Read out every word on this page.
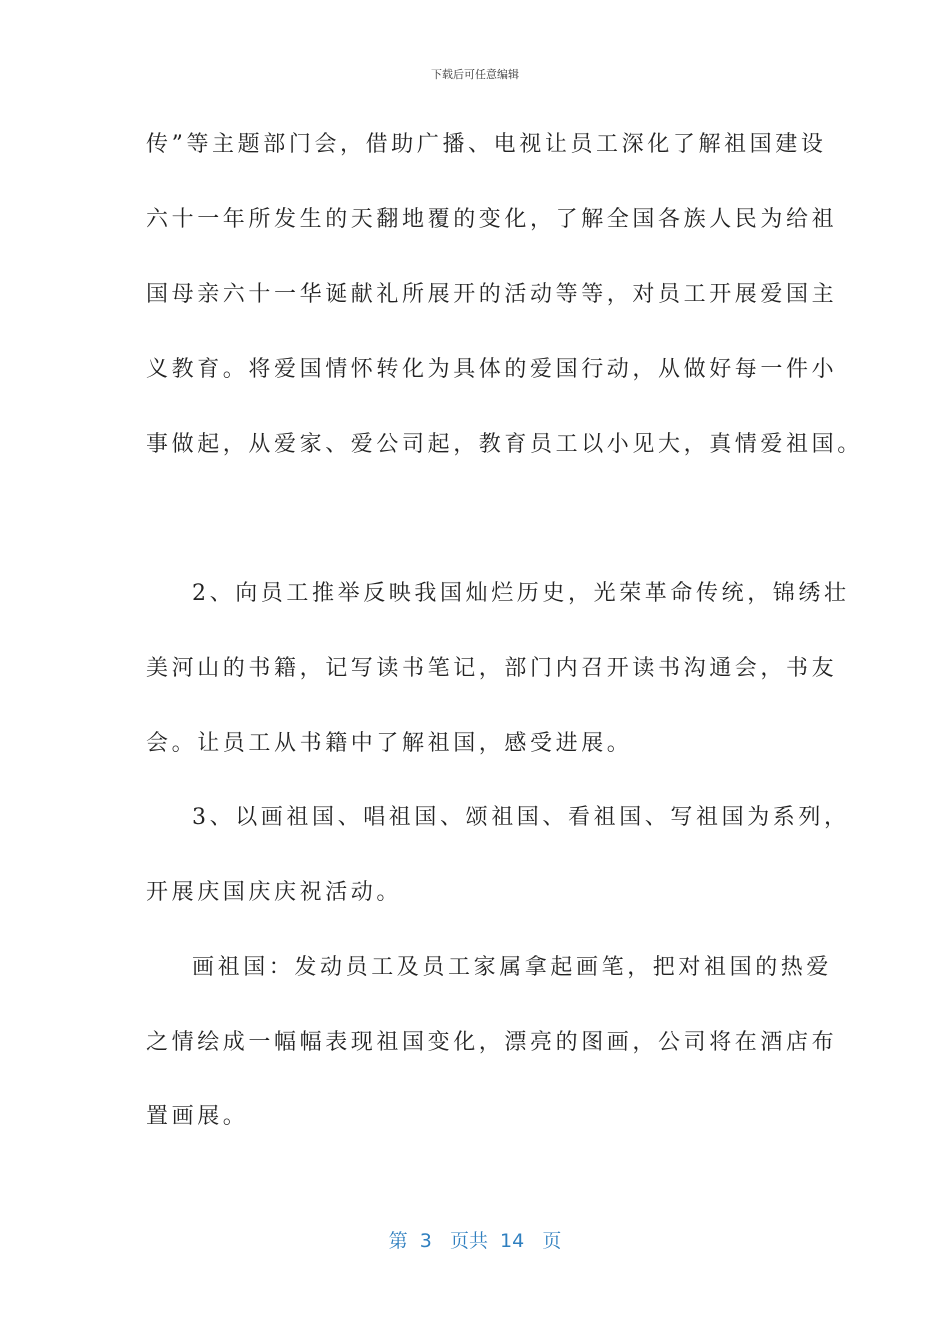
下载后可任意编辑
传”等主题部门会，借助广播、电视让员工深化了解祖国建设
六十一年所发生的天翻地覆的变化，了解全国各族人民为给祖
国母亲六十一华诞献礼所展开的活动等等，对员工开展爱国主
义教育。将爱国情怀转化为具体的爱国行动，从做好每一件小
事做起，从爱家、爱公司起，教育员工以小见大，真情爱祖国。
2、向员工推举反映我国灿烂历史，光荣革命传统，锦绣壮
美河山的书籍，记写读书笔记，部门内召开读书沟通会，书友
会。让员工从书籍中了解祖国，感受进展。
3、以画祖国、唱祖国、颂祖国、看祖国、写祖国为系列，
开展庆国庆庆祝活动。
画祖国：发动员工及员工家属拿起画笔，把对祖国的热爱
之情绘成一幅幅表现祖国变化，漂亮的图画，公司将在酒店布
置画展。
第  3   页共  14   页
